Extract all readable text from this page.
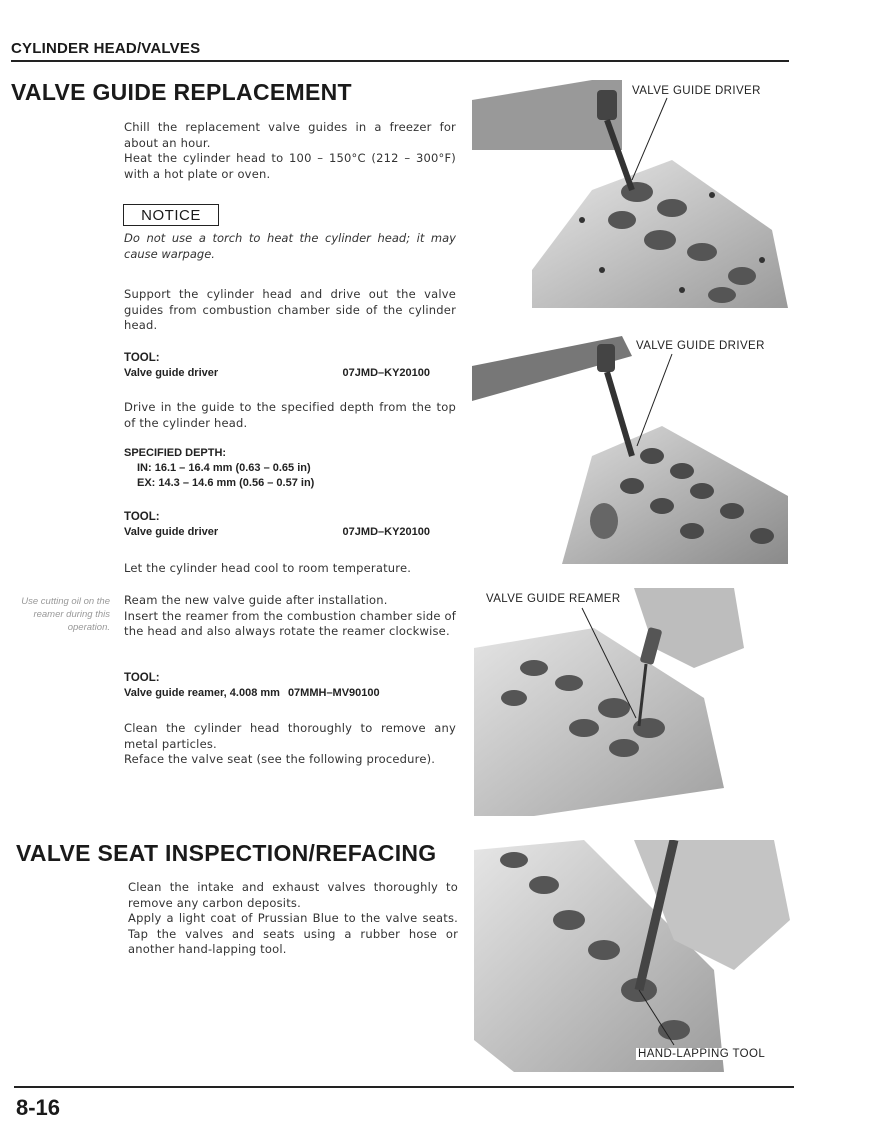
CYLINDER HEAD/VALVES
VALVE GUIDE REPLACEMENT

Chill the replacement valve guides in a freezer for about an hour.

Heat the cylinder head to 100 – 150°C (212 – 300°F) with a hot plate or oven.

NOTICE
Do not use a torch to heat the cylinder head; it may cause warpage.
Support the cylinder head and drive out the valve guides from combustion chamber side of the cylinder head.
TOOL:
Valve guide driver	07JMD–KY20100
Drive in the guide to the specified depth from the top of the cylinder head.
SPECIFIED DEPTH:
IN: 16.1 – 16.4 mm (0.63 – 0.65 in)
EX: 14.3 – 14.6 mm (0.56 – 0.57 in)
TOOL:
Valve guide driver	07JMD–KY20100
Let the cylinder head cool to room temperature.
Use cutting oil on the reamer during this operation.

Ream the new valve guide after installation.

Insert the reamer from the combustion chamber side of the head and also always rotate the reamer clockwise.

TOOL:
Valve guide reamer, 4.008 mm 07MMH–MV90100

Clean the cylinder head thoroughly to remove any metal particles.

Reface the valve seat (see the following procedure).

VALVE SEAT INSPECTION/REFACING

Clean the intake and exhaust valves thoroughly to remove any carbon deposits.

Apply a light coat of Prussian Blue to the valve seats. Tap the valves and seats using a rubber hose or another hand-lapping tool.

VALVE GUIDE DRIVER
VALVE GUIDE DRIVER
VALVE GUIDE REAMER
HAND-LAPPING TOOL
8-16
